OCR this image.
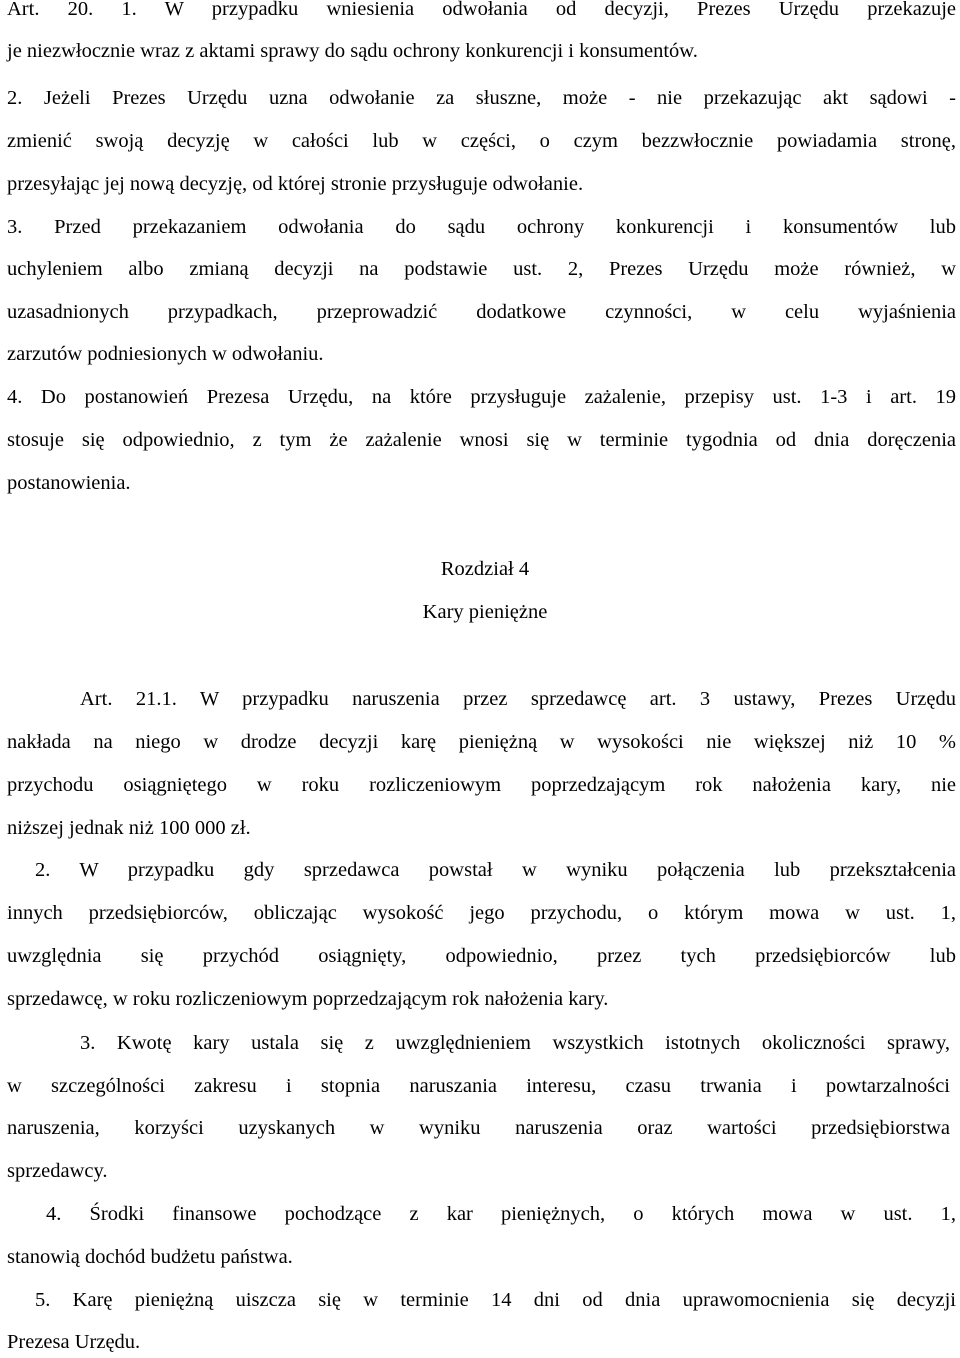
Art. 20. 1. W przypadku wniesienia odwołania od decyzji, Prezes Urzędu przekazuje
je niezwłocznie wraz z aktami sprawy do sądu ochrony konkurencji i konsumentów.
2. Jeżeli Prezes Urzędu uzna odwołanie za słuszne, może - nie przekazując akt sądowi -
zmienić swoją decyzję w całości lub w części, o czym bezzwłocznie powiadamia stronę,
przesyłając jej nową decyzję, od której stronie przysługuje odwołanie.
3. Przed przekazaniem odwołania do sądu ochrony konkurencji i konsumentów lub
uchyleniem albo zmianą decyzji na podstawie ust. 2, Prezes Urzędu może również, w
uzasadnionych przypadkach, przeprowadzić dodatkowe czynności, w celu wyjaśnienia
zarzutów podniesionych w odwołaniu.
4. Do postanowień Prezesa Urzędu, na które przysługuje zażalenie, przepisy ust. 1-3 i art. 19
stosuje się odpowiednio, z tym że zażalenie wnosi się w terminie tygodnia od dnia doręczenia
postanowienia.
Rozdział 4
Kary pieniężne
Art. 21.1. W przypadku naruszenia przez sprzedawcę art. 3 ustawy, Prezes Urzędu
nakłada na niego w drodze decyzji karę pieniężną w wysokości nie większej niż 10 %
przychodu osiągniętego w roku rozliczeniowym poprzedzającym rok nałożenia kary, nie
niższej jednak niż 100 000 zł.
2. W przypadku gdy sprzedawca powstał w wyniku połączenia lub przekształcenia
innych przedsiębiorców, obliczając wysokość jego przychodu, o którym mowa w ust. 1,
uwzględnia się przychód osiągnięty, odpowiednio, przez tych przedsiębiorców lub
sprzedawcę, w roku rozliczeniowym poprzedzającym rok nałożenia kary.
3. Kwotę kary ustala się z uwzględnieniem wszystkich istotnych okoliczności sprawy,
w szczególności zakresu i stopnia naruszania interesu, czasu trwania i powtarzalności
naruszenia, korzyści uzyskanych w wyniku naruszenia oraz wartości przedsiębiorstwa
sprzedawcy.
4. Środki finansowe pochodzące z kar pieniężnych, o których mowa w ust. 1,
stanowią dochód budżetu państwa.
5. Karę pieniężną uiszcza się w terminie 14 dni od dnia uprawomocnienia się decyzji
Prezesa Urzędu.
